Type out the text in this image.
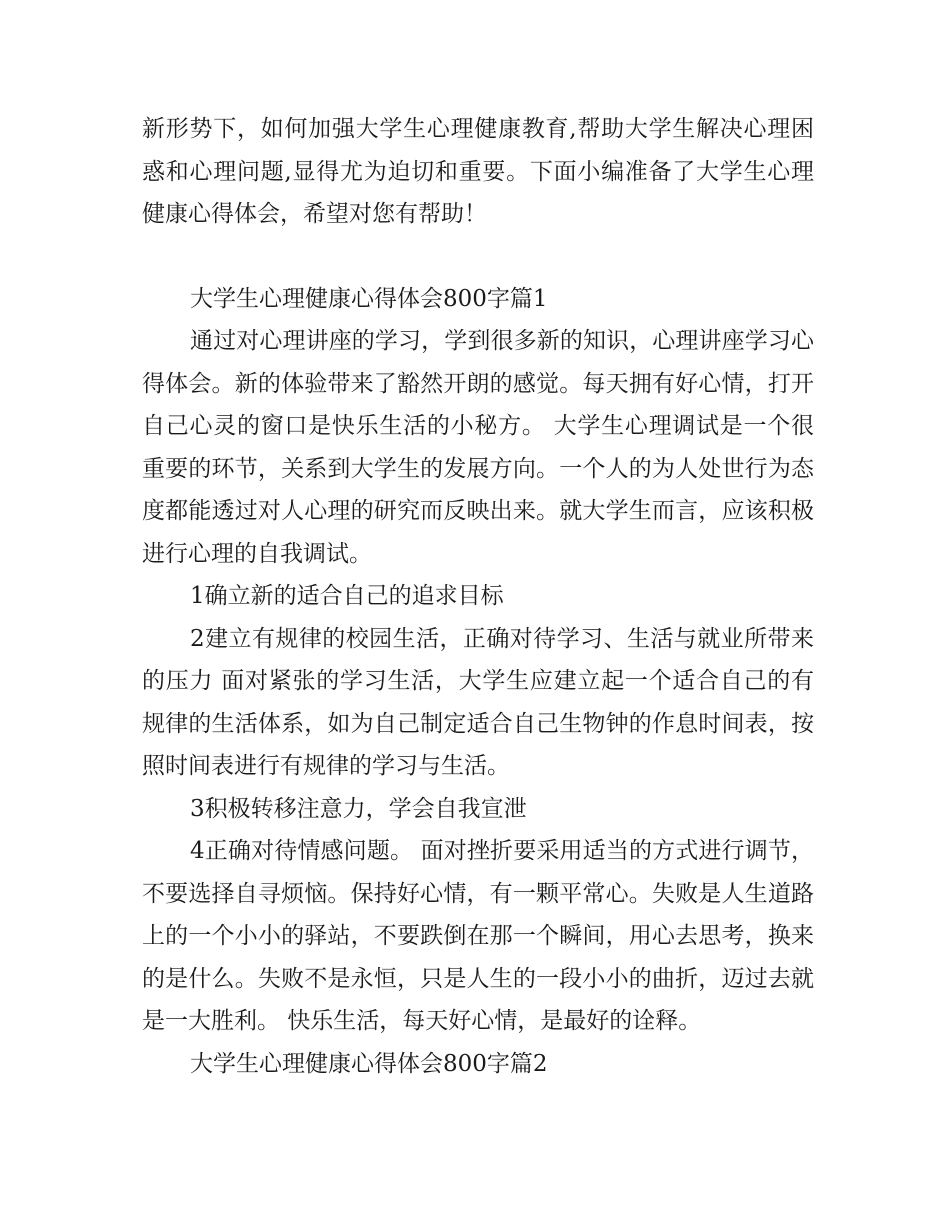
新形势下，如何加强大学生心理健康教育,帮助大学生解决心理困惑和心理问题,显得尤为迫切和重要。下面小编准备了大学生心理健康心得体会，希望对您有帮助！

大学生心理健康心得体会800字篇1

通过对心理讲座的学习，学到很多新的知识，心理讲座学习心得体会。新的体验带来了豁然开朗的感觉。每天拥有好心情，打开自己心灵的窗口是快乐生活的小秘方。 大学生心理调试是一个很重要的环节，关系到大学生的发展方向。一个人的为人处世行为态度都能透过对人心理的研究而反映出来。就大学生而言，应该积极进行心理的自我调试。

1确立新的适合自己的追求目标

2建立有规律的校园生活，正确对待学习、生活与就业所带来的压力 面对紧张的学习生活，大学生应建立起一个适合自己的有规律的生活体系，如为自己制定适合自己生物钟的作息时间表，按照时间表进行有规律的学习与生活。

3积极转移注意力，学会自我宣泄

4正确对待情感问题。 面对挫折要采用适当的方式进行调节，不要选择自寻烦恼。保持好心情，有一颗平常心。失败是人生道路上的一个小小的驿站，不要跌倒在那一个瞬间，用心去思考，换来的是什么。失败不是永恒，只是人生的一段小小的曲折，迈过去就是一大胜利。 快乐生活，每天好心情，是最好的诠释。

大学生心理健康心得体会800字篇2
